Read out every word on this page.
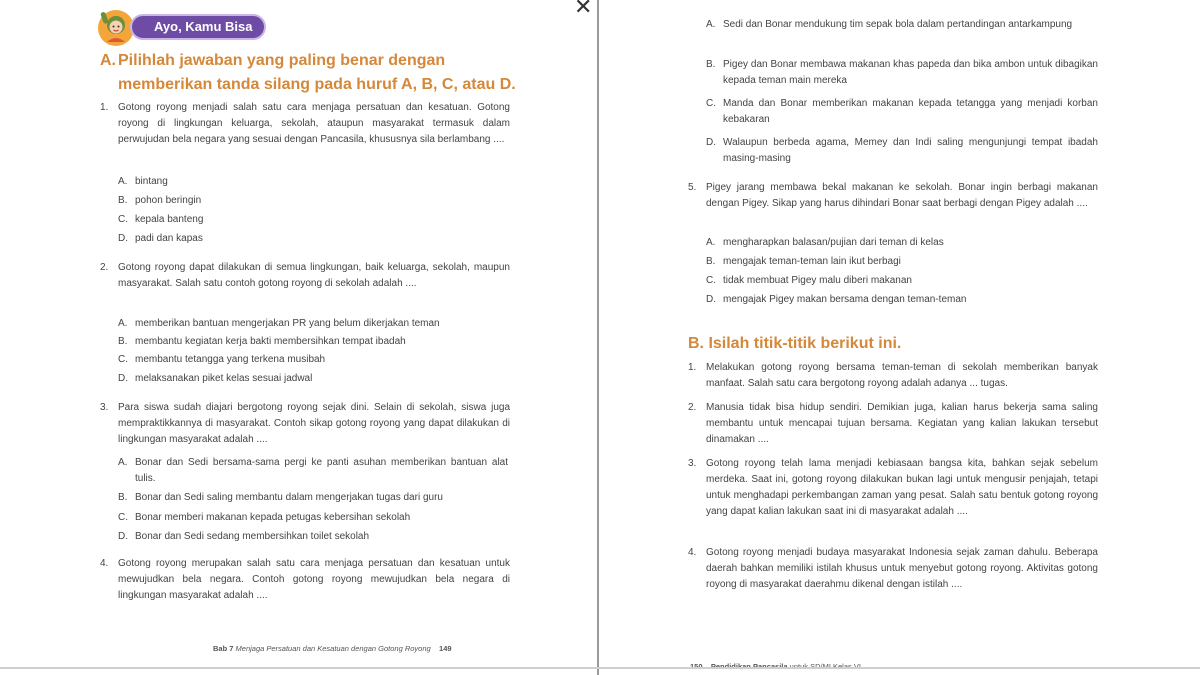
Ayo, Kamu Bisa
A. Pilihlah jawaban yang paling benar dengan
memberikan tanda silang pada huruf A, B, C, atau D.
1. Gotong royong menjadi salah satu cara menjaga persatuan dan kesatuan. Gotong royong di lingkungan keluarga, sekolah, ataupun masyarakat termasuk dalam perwujudan bela negara yang sesuai dengan Pancasila, khususnya sila berlambang ....
A. bintang
B. pohon beringin
C. kepala banteng
D. padi dan kapas
2. Gotong royong dapat dilakukan di semua lingkungan, baik keluarga, sekolah, maupun masyarakat. Salah satu contoh gotong royong di sekolah adalah ....
A. memberikan bantuan mengerjakan PR yang belum dikerjakan teman
B. membantu kegiatan kerja bakti membersihkan tempat ibadah
C. membantu tetangga yang terkena musibah
D. melaksanakan piket kelas sesuai jadwal
3. Para siswa sudah diajari bergotong royong sejak dini. Selain di sekolah, siswa juga mempraktikkannya di masyarakat. Contoh sikap gotong royong yang dapat dilakukan di lingkungan masyarakat adalah ....
A. Bonar dan Sedi bersama-sama pergi ke panti asuhan memberikan bantuan alat tulis.
B. Bonar dan Sedi saling membantu dalam mengerjakan tugas dari guru
C. Bonar memberi makanan kepada petugas kebersihan sekolah
D. Bonar dan Sedi sedang membersihkan toilet sekolah
4. Gotong royong merupakan salah satu cara menjaga persatuan dan kesatuan untuk mewujudkan bela negara. Contoh gotong royong mewujudkan bela negara di lingkungan masyarakat adalah ....
Bab 7 Menjaga Persatuan dan Kesatuan dengan Gotong Royong 149
✕
A. Sedi dan Bonar mendukung tim sepak bola dalam pertandingan antarkampung
B. Pigey dan Bonar membawa makanan khas papeda dan bika ambon untuk dibagikan kepada teman main mereka
C. Manda dan Bonar memberikan makanan kepada tetangga yang menjadi korban kebakaran
D. Walaupun berbeda agama, Memey dan Indi saling mengunjungi tempat ibadah masing-masing
5. Pigey jarang membawa bekal makanan ke sekolah. Bonar ingin berbagi makanan dengan Pigey. Sikap yang harus dihindari Bonar saat berbagi dengan Pigey adalah ....
A. mengharapkan balasan/pujian dari teman di kelas
B. mengajak teman-teman lain ikut berbagi
C. tidak membuat Pigey malu diberi makanan
D. mengajak Pigey makan bersama dengan teman-teman
B. Isilah titik-titik berikut ini.
1. Melakukan gotong royong bersama teman-teman di sekolah memberikan banyak manfaat. Salah satu cara bergotong royong adalah adanya ... tugas.
2. Manusia tidak bisa hidup sendiri. Demikian juga, kalian harus bekerja sama saling membantu untuk mencapai tujuan bersama. Kegiatan yang kalian lakukan tersebut dinamakan ....
3. Gotong royong telah lama menjadi kebiasaan bangsa kita, bahkan sejak sebelum merdeka. Saat ini, gotong royong dilakukan bukan lagi untuk mengusir penjajah, tetapi untuk menghadapi perkembangan zaman yang pesat. Salah satu bentuk gotong royong yang dapat kalian lakukan saat ini di masyarakat adalah ....
4. Gotong royong menjadi budaya masyarakat Indonesia sejak zaman dahulu. Beberapa daerah bahkan memiliki istilah khusus untuk menyebut gotong royong. Aktivitas gotong royong di masyarakat daerahmu dikenal dengan istilah ....
